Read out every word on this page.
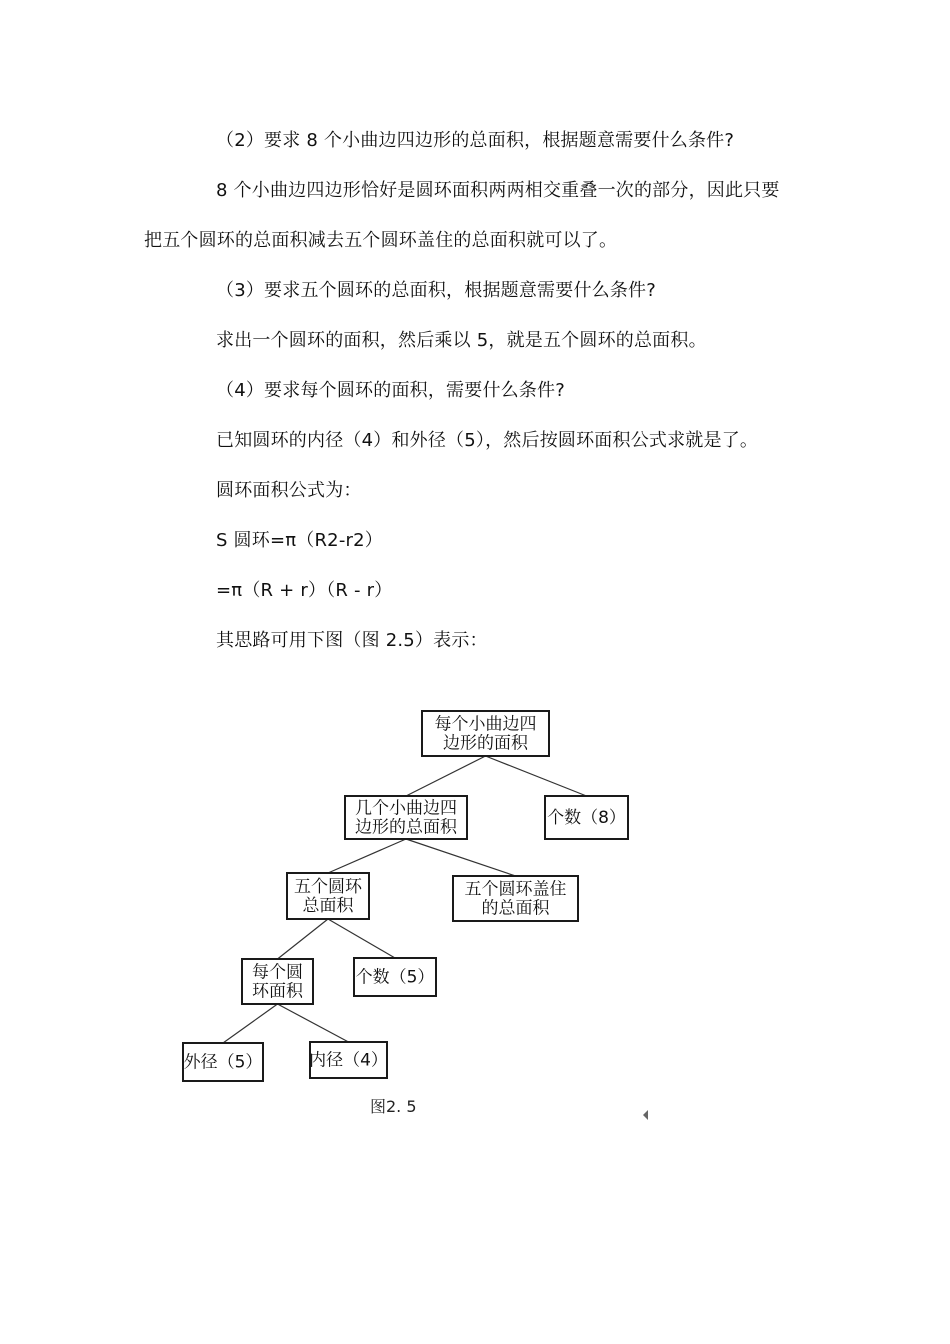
（2）要求 8 个小曲边四边形的总面积，根据题意需要什么条件?

8 个小曲边四边形恰好是圆环面积两两相交重叠一次的部分，因此只要

把五个圆环的总面积减去五个圆环盖住的总面积就可以了。

（3）要求五个圆环的总面积，根据题意需要什么条件?

求出一个圆环的面积，然后乘以 5，就是五个圆环的总面积。

（4）要求每个圆环的面积，需要什么条件?

已知圆环的内径（4）和外径（5），然后按圆环面积公式求就是了。

圆环面积公式为：

S 圆环=π（R2-r2）

=π（R + r）（R - r）

其思路可用下图（图 2.5）表示：

每个小曲边四
边形的面积
几个小曲边四
边形的总面积	个数（8）
五个圆环
总面积
五个圆环盖住
的总面积
每个圆
环面积
个数（5）
外径（5）	内径（4）
图2. 5
